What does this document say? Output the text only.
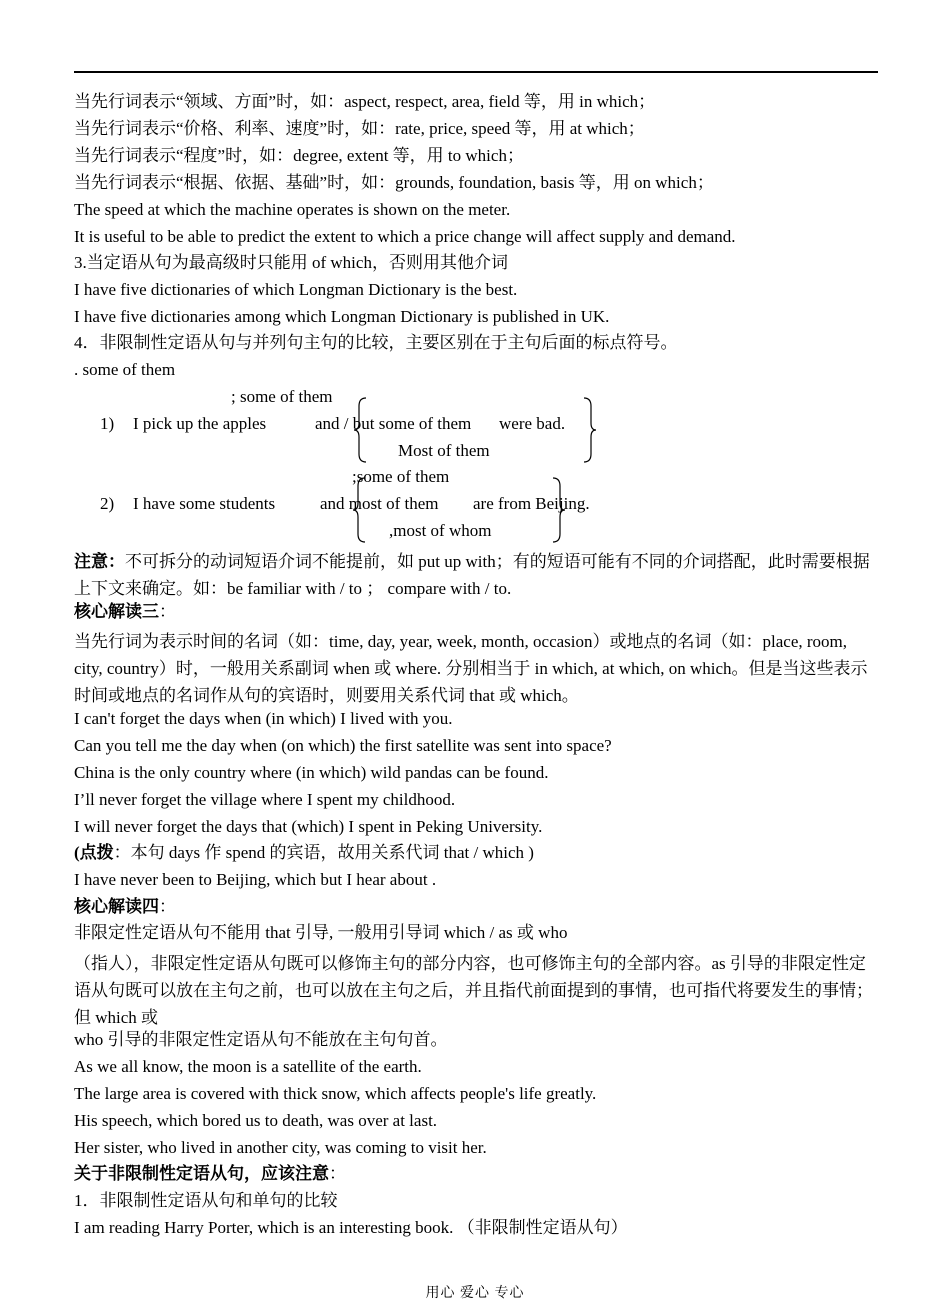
当先行词表示“领域、方面”时，如：aspect, respect, area, field 等，用 in which；
当先行词表示“价格、利率、速度”时，如：rate, price, speed 等，用 at which；
当先行词表示“程度”时，如：degree, extent 等，用 to which；
当先行词表示“根据、依据、基础”时，如：grounds, foundation, basis 等，用 on which；
The speed at which the machine operates is shown on the meter.
It is useful to be able to predict the extent to which a price change will affect supply and demand.
3.当定语从句为最高级时只能用 of which，否则用其他介词
I have five dictionaries of which Longman Dictionary is the best.
I have five dictionaries among which Longman Dictionary is published in UK.
4．非限制性定语从句与并列句主句的比较，主要区别在于主句后面的标点符号。
. some of them
; some of them
1) I pick up the apples	and / but some of them were bad.
Most of them
;some of them
2) I have some students	and most of them are from Beijing.
,most of whom
注意：不可拆分的动词短语介词不能提前，如 put up with；有的短语可能有不同的介词搭配，此时需要根据上下文来确定。如：be familiar with / to ； compare with / to.
核心解读三：
当先行词为表示时间的名词（如：time, day, year, week, month, occasion）或地点的名词（如：place, room, city, country）时，一般用关系副词 when 或 where. 分别相当于 in which, at which, on which。但是当这些表示时间或地点的名词作从句的宾语时，则要用关系代词 that 或 which。
I can't forget the days when (in which) I lived with you.
Can you tell me the day when (on which) the first satellite was sent into space?
China is the only country where (in which) wild pandas can be found.
I’ll never forget the village where I spent my childhood.
I will never forget the days that (which) I spent in Peking University.
(点拨：本句 days 作 spend 的宾语，故用关系代词 that / which )
I have never been to Beijing, which but I hear about .
核心解读四：
非限定性定语从句不能用 that 引导, 一般用引导词 which / as 或 who
（指人），非限定性定语从句既可以修饰主句的部分内容，也可修饰主句的全部内容。as 引导的非限定性定语从句既可以放在主句之前，也可以放在主句之后，并且指代前面提到的事情，也可指代将要发生的事情；但 which 或
who 引导的非限定性定语从句不能放在主句句首。
As we all know, the moon is a satellite of the earth.
The large area is covered with thick snow, which affects people's life greatly.
His speech, which bored us to death, was over at last.
Her sister, who lived in another city, was coming to visit her.
关于非限制性定语从句，应该注意：
1．非限制性定语从句和单句的比较
I am reading Harry Porter, which is an interesting book. （非限制性定语从句）
用心 爱心 专心
